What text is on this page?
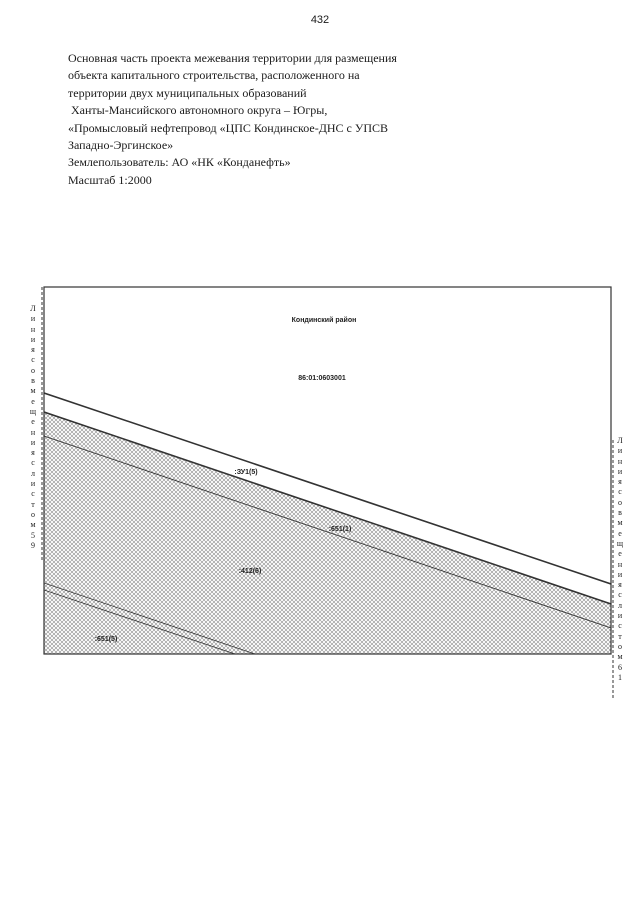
432
Основная часть проекта межевания территории для размещения
объекта капитального строительства, расположенного на
территории двух муниципальных образований
Ханты-Мансийского автономного округа – Югры,
«Промысловый нефтепровод «ЦПС Кондинское-ДНС с УПСВ
Западно-Эргинское»
Землепользователь: АО «НК «Конданефть»
Масштаб 1:2000
Л
и
н
и
я

с
о
в
м
е
щ
е
н
и
я

с

л
и
с
т
о
м

5
9
Л
и
н
и
я

с
о
в
м
е
щ
е
н
и
я

с

л
и
с
т
о
м

6
1
Кондинский район
86:01:0603001
:ЗУ1(5)
:651(1)
:412(6)
:651(5)
